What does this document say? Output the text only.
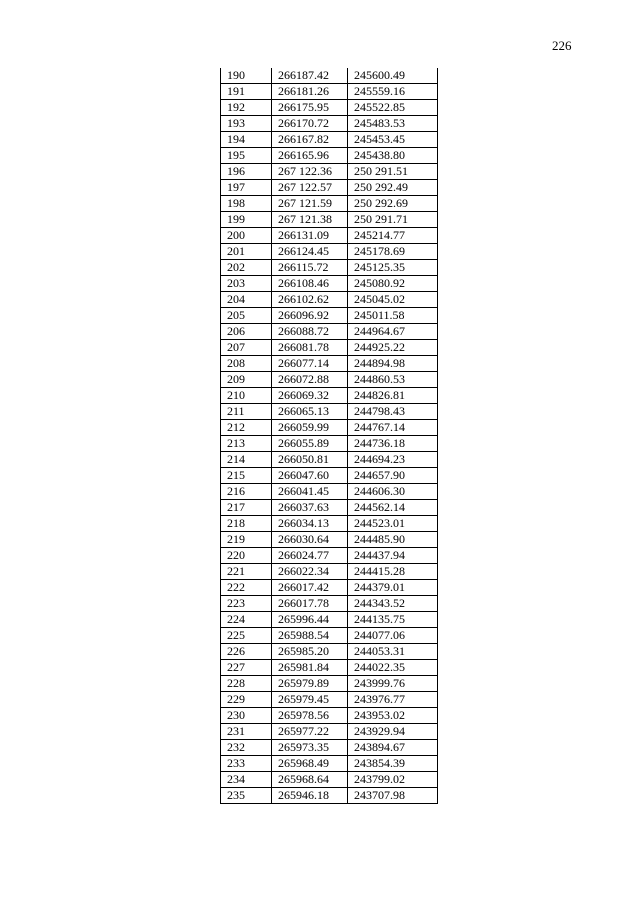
226
190	266187.42	245600.49
191	266181.26	245559.16
192	266175.95	245522.85
193	266170.72	245483.53
194	266167.82	245453.45
195	266165.96	245438.80
196	267 122.36	250 291.51
197	267 122.57	250 292.49
198	267 121.59	250 292.69
199	267 121.38	250 291.71
200	266131.09	245214.77
201	266124.45	245178.69
202	266115.72	245125.35
203	266108.46	245080.92
204	266102.62	245045.02
205	266096.92	245011.58
206	266088.72	244964.67
207	266081.78	244925.22
208	266077.14	244894.98
209	266072.88	244860.53
210	266069.32	244826.81
211	266065.13	244798.43
212	266059.99	244767.14
213	266055.89	244736.18
214	266050.81	244694.23
215	266047.60	244657.90
216	266041.45	244606.30
217	266037.63	244562.14
218	266034.13	244523.01
219	266030.64	244485.90
220	266024.77	244437.94
221	266022.34	244415.28
222	266017.42	244379.01
223	266017.78	244343.52
224	265996.44	244135.75
225	265988.54	244077.06
226	265985.20	244053.31
227	265981.84	244022.35
228	265979.89	243999.76
229	265979.45	243976.77
230	265978.56	243953.02
231	265977.22	243929.94
232	265973.35	243894.67
233	265968.49	243854.39
234	265968.64	243799.02
235	265946.18	243707.98
